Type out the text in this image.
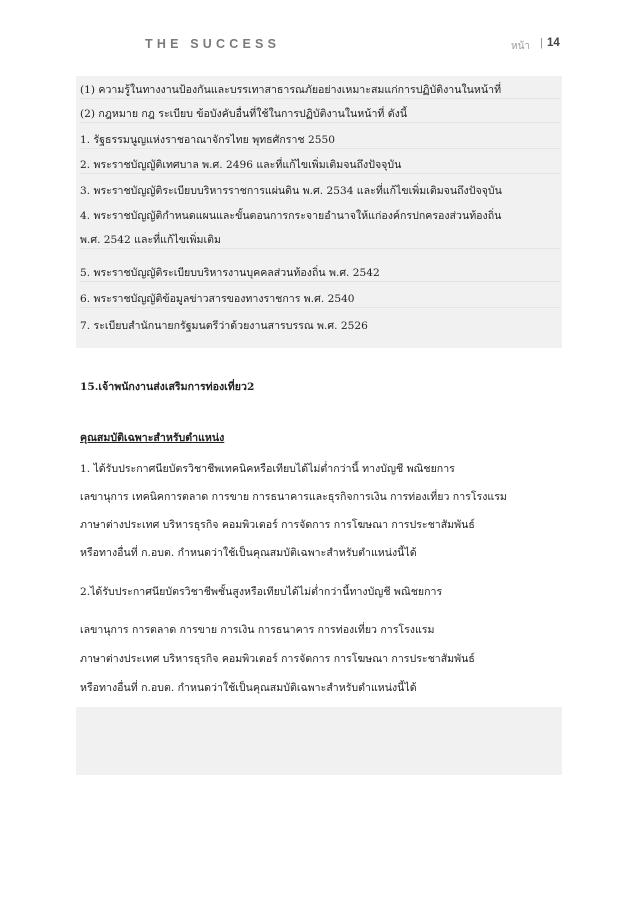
THE SUCCESS	หน้า | 14
(1) ความรู้ในทางงานป้องกันและบรรเทาสาธารณภัยอย่างเหมาะสมแก่การปฏิบัติงานในหน้าที่
(2) กฎหมาย กฎ ระเบียบ ข้อบังคับอื่นที่ใช้ในการปฏิบัติงานในหน้าที่ ดังนี้
1. รัฐธรรมนูญแห่งราชอาณาจักรไทย พุทธศักราช 2550
2. พระราชบัญญัติเทศบาล พ.ศ. 2496 และที่แก้ไขเพิ่มเติมจนถึงปัจจุบัน
3. พระราชบัญญัติระเบียบบริหารราชการแผ่นดิน พ.ศ. 2534 และที่แก้ไขเพิ่มเติมจนถึงปัจจุบัน
4. พระราชบัญญัติกำหนดแผนและขั้นตอนการกระจายอำนาจให้แก่องค์กรปกครองส่วนท้องถิ่น
พ.ศ. 2542 และที่แก้ไขเพิ่มเติม
5. พระราชบัญญัติระเบียบบริหารงานบุคคลส่วนท้องถิ่น พ.ศ. 2542
6. พระราชบัญญัติข้อมูลข่าวสารของทางราชการ พ.ศ. 2540
7. ระเบียบสำนักนายกรัฐมนตรีว่าด้วยงานสารบรรณ พ.ศ. 2526
15.เจ้าพนักงานส่งเสริมการท่องเที่ยว2
คุณสมบัติเฉพาะสำหรับตำแหน่ง
1. ได้รับประกาศนียบัตรวิชาชีพเทคนิคหรือเทียบได้ไม่ต่ำกว่านี้ ทางบัญชี พณิชยการ
เลขานุการ เทคนิคการตลาด การขาย การธนาคารและธุรกิจการเงิน การท่องเที่ยว การโรงแรม
ภาษาต่างประเทศ บริหารธุรกิจ คอมพิวเตอร์ การจัดการ การโฆษณา การประชาสัมพันธ์
หรือทางอื่นที่ ก.อบต. กำหนดว่าใช้เป็นคุณสมบัติเฉพาะสำหรับตำแหน่งนี้ได้
2.ได้รับประกาศนียบัตรวิชาชีพชั้นสูงหรือเทียบได้ไม่ต่ำกว่านี้ทางบัญชี พณิชยการ
เลขานุการ การตลาด การขาย การเงิน การธนาคาร การท่องเที่ยว การโรงแรม
ภาษาต่างประเทศ บริหารธุรกิจ คอมพิวเตอร์ การจัดการ การโฆษณา การประชาสัมพันธ์
หรือทางอื่นที่ ก.อบต. กำหนดว่าใช้เป็นคุณสมบัติเฉพาะสำหรับตำแหน่งนี้ได้
